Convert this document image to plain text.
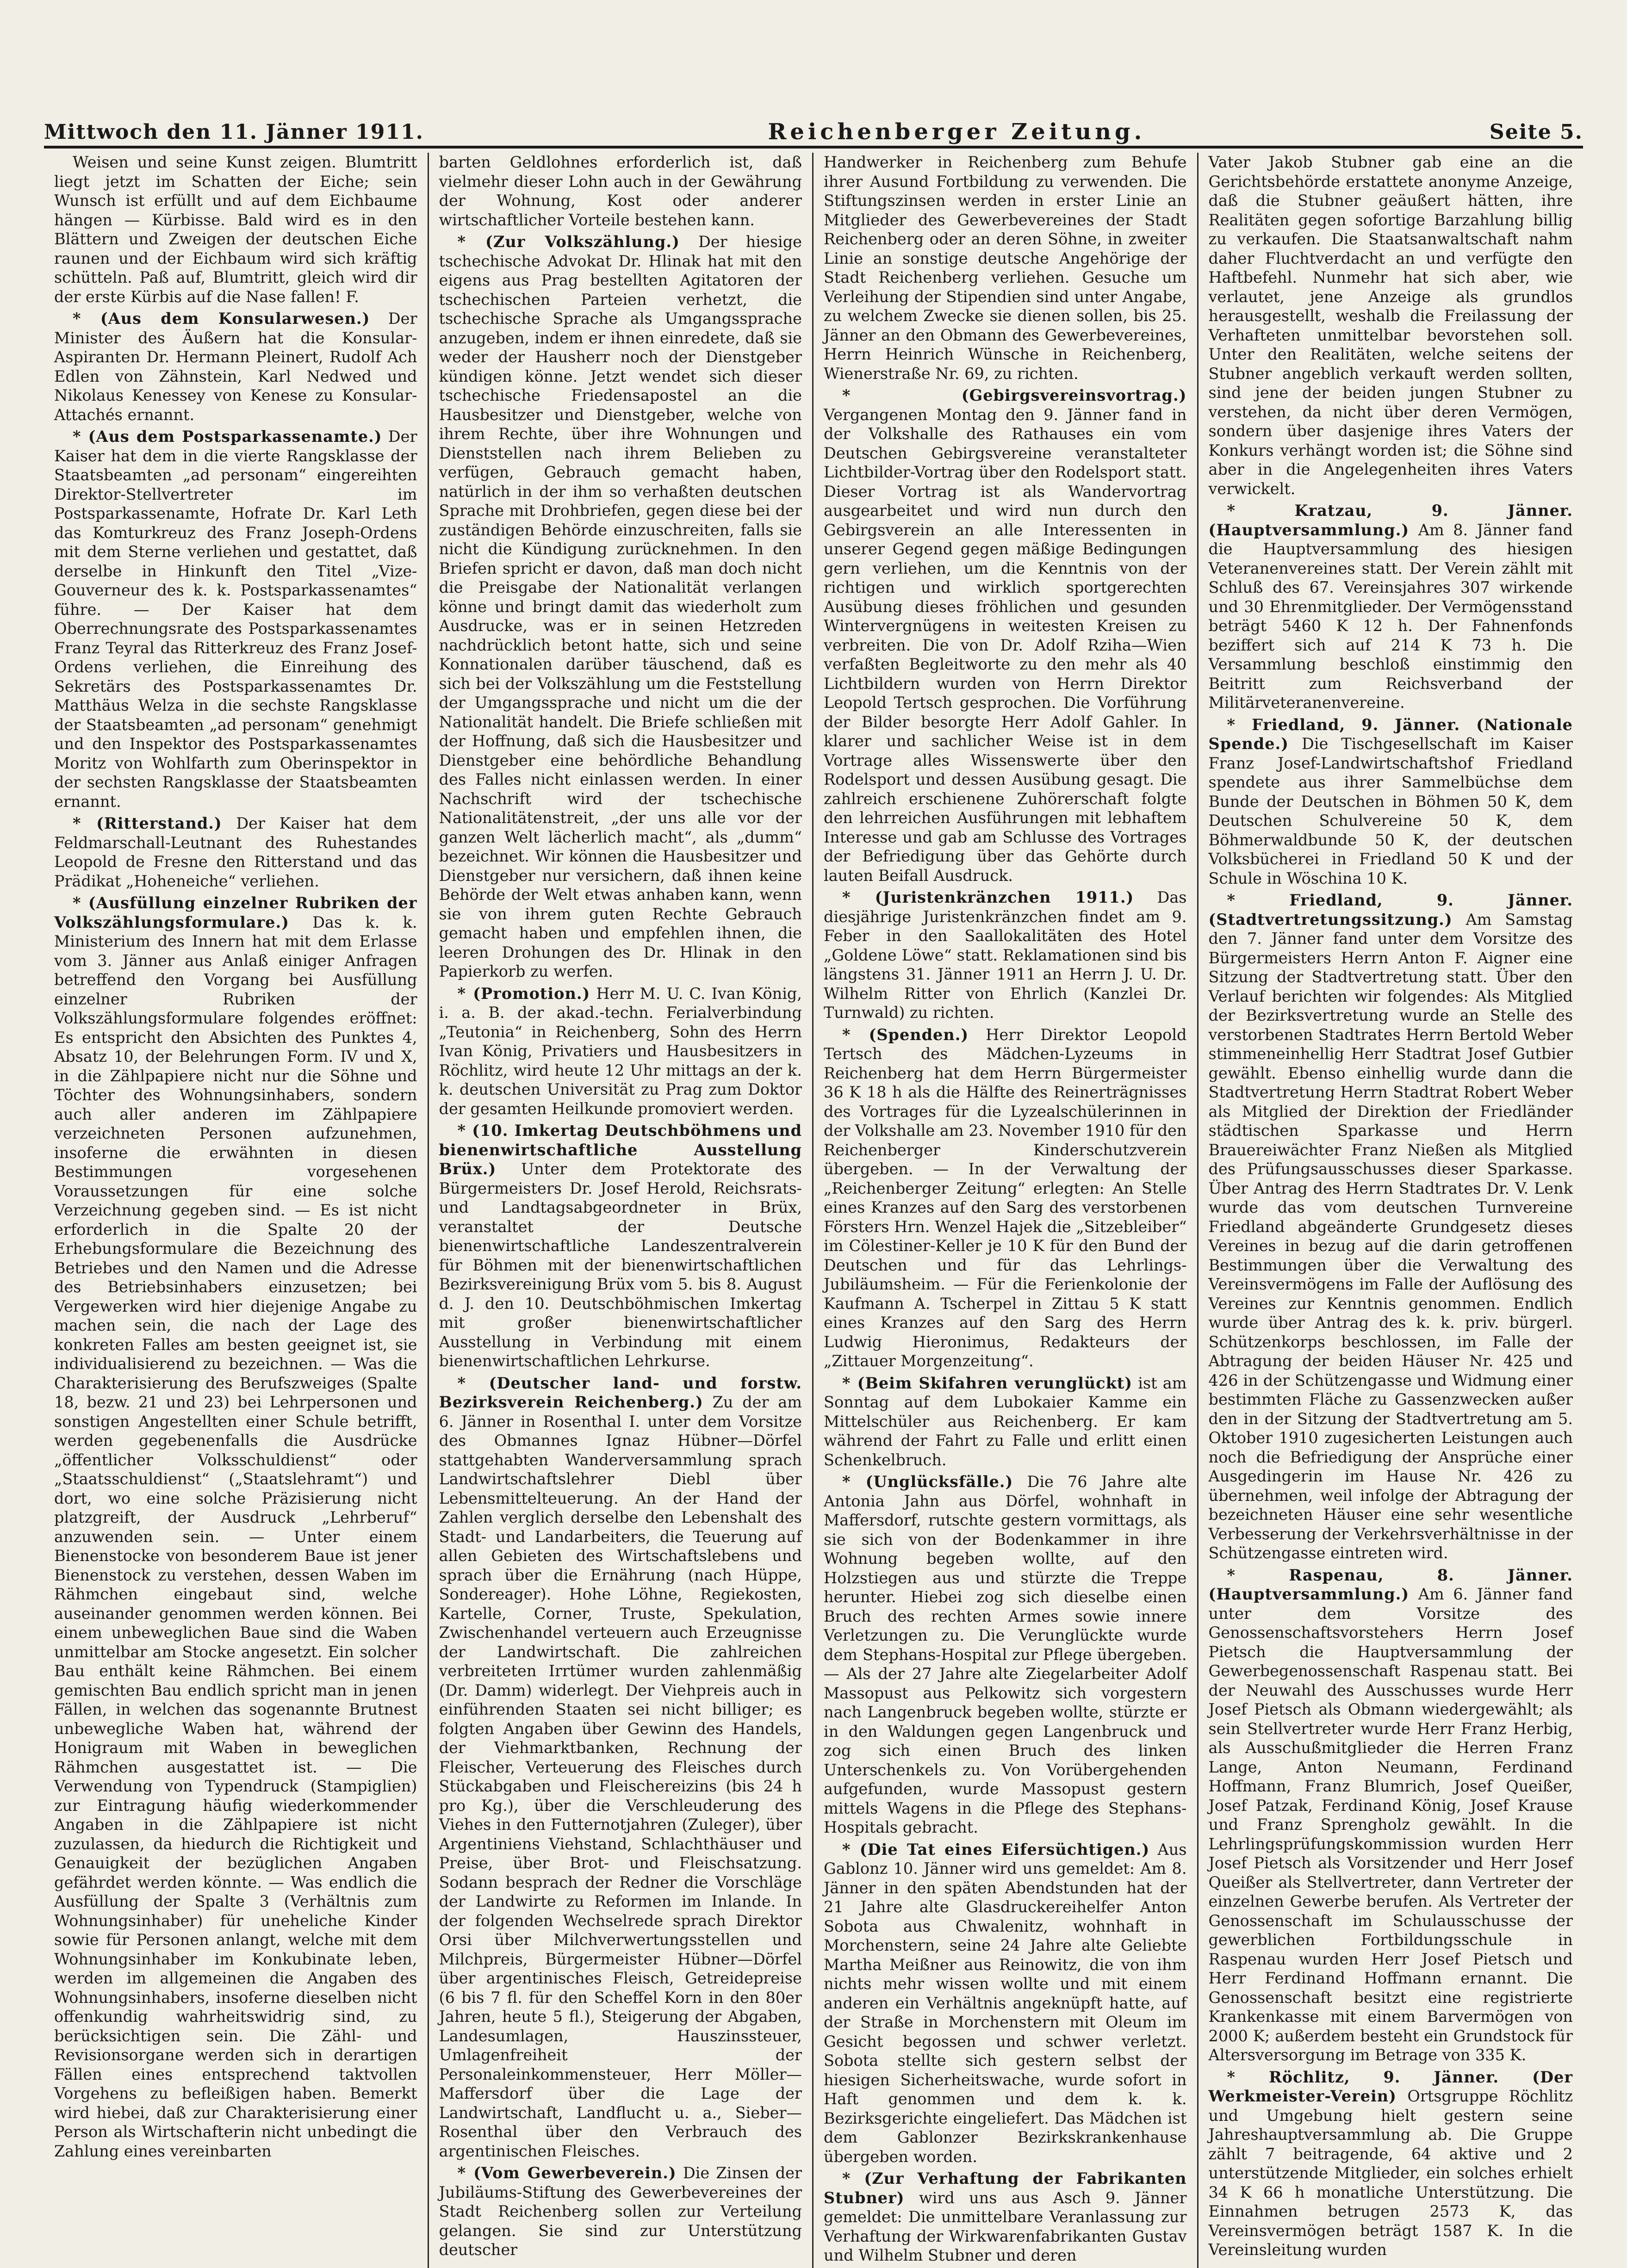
Mittwoch den 11. Jänner 1911.	Reichenberger Zeitung.	Seite 5.

Weisen und seine Kunst zeigen. Blumtritt liegt jetzt im Schatten der Eiche; sein Wunsch ist erfüllt und auf dem Eichbaume hängen — Kürbisse. Bald wird es in den Blättern und Zweigen der deutschen Eiche raunen und der Eichbaum wird sich kräftig schütteln. Paß auf, Blumtritt, gleich wird dir der erste Kürbis auf die Nase fallen! F.

* (Aus dem Konsularwesen.) Der Minister des Äußern hat die Konsular-Aspiranten Dr. Hermann Pleinert, Rudolf Ach Edlen von Zähnstein, Karl Nedwed und Nikolaus Kenessey von Kenese zu Konsular-Attachés ernannt.

* (Aus dem Postsparkassenamte.) Der Kaiser hat dem in die vierte Rangsklasse der Staatsbeamten „ad personam“ eingereihten Direktor-Stellvertreter im Postsparkassenamte, Hofrate Dr. Karl Leth das Komturkreuz des Franz Joseph-Ordens mit dem Sterne verliehen und gestattet, daß derselbe in Hinkunft den Titel „Vize-Gouverneur des k. k. Postsparkassenamtes“ führe. — Der Kaiser hat dem Oberrechnungsrate des Postsparkassenamtes Franz Teyral das Ritterkreuz des Franz Josef-Ordens verliehen, die Einreihung des Sekretärs des Postsparkassenamtes Dr. Matthäus Welza in die sechste Rangsklasse der Staatsbeamten „ad personam“ genehmigt und den Inspektor des Postsparkassenamtes Moritz von Wohlfarth zum Oberinspektor in der sechsten Rangsklasse der Staatsbeamten ernannt.

* (Ritterstand.) Der Kaiser hat dem Feldmarschall-Leutnant des Ruhestandes Leopold de Fresne den Ritterstand und das Prädikat „Hoheneiche“ verliehen.

* (Ausfüllung einzelner Rubriken der Volkszählungsformulare.) Das k. k. Ministerium des Innern hat mit dem Erlasse vom 3. Jänner aus Anlaß einiger Anfragen betreffend den Vorgang bei Ausfüllung einzelner Rubriken der Volkszählungsformulare folgendes eröffnet: Es entspricht den Absichten des Punktes 4, Absatz 10, der Belehrungen Form. IV und X, in die Zählpapiere nicht nur die Söhne und Töchter des Wohnungsinhabers, sondern auch aller anderen im Zählpapiere verzeichneten Personen aufzunehmen, insoferne die erwähnten in diesen Bestimmungen vorgesehenen Voraussetzungen für eine solche Verzeichnung gegeben sind. — Es ist nicht erforderlich in die Spalte 20 der Erhebungsformulare die Bezeichnung des Betriebes und den Namen und die Adresse des Betriebsinhabers einzusetzen; bei Vergewerken wird hier diejenige Angabe zu machen sein, die nach der Lage des konkreten Falles am besten geeignet ist, sie individualisierend zu bezeichnen. — Was die Charakterisierung des Berufszweiges (Spalte 18, bezw. 21 und 23) bei Lehrpersonen und sonstigen Angestellten einer Schule betrifft, werden gegebenenfalls die Ausdrücke „öffentlicher Volksschuldienst“ oder „Staatsschuldienst“ („Staatslehramt“) und dort, wo eine solche Präzisierung nicht platzgreift, der Ausdruck „Lehrberuf“ anzuwenden sein. — Unter einem Bienenstocke von besonderem Baue ist jener Bienenstock zu verstehen, dessen Waben im Rähmchen eingebaut sind, welche auseinander genommen werden können. Bei einem unbeweglichen Baue sind die Waben unmittelbar am Stocke angesetzt. Ein solcher Bau enthält keine Rähmchen. Bei einem gemischten Bau endlich spricht man in jenen Fällen, in welchen das sogenannte Brutnest unbewegliche Waben hat, während der Honigraum mit Waben in beweglichen Rähmchen ausgestattet ist. — Die Verwendung von Typendruck (Stampiglien) zur Eintragung häufig wiederkommender Angaben in die Zählpapiere ist nicht zuzulassen, da hiedurch die Richtigkeit und Genauigkeit der bezüglichen Angaben gefährdet werden könnte. — Was endlich die Ausfüllung der Spalte 3 (Verhältnis zum Wohnungsinhaber) für uneheliche Kinder sowie für Personen anlangt, welche mit dem Wohnungsinhaber im Konkubinate leben, werden im allgemeinen die Angaben des Wohnungsinhabers, insoferne dieselben nicht offenkundig wahrheitswidrig sind, zu berücksichtigen sein. Die Zähl- und Revisionsorgane werden sich in derartigen Fällen eines entsprechend taktvollen Vorgehens zu befleißigen haben. Bemerkt wird hiebei, daß zur Charakterisierung einer Person als Wirtschafterin nicht unbedingt die Zahlung eines vereinbarten

barten Geldlohnes erforderlich ist, daß vielmehr dieser Lohn auch in der Gewährung der Wohnung, Kost oder anderer wirtschaftlicher Vorteile bestehen kann.

* (Zur Volkszählung.) Der hiesige tschechische Advokat Dr. Hlinak hat mit den eigens aus Prag bestellten Agitatoren der tschechischen Parteien verhetzt, die tschechische Sprache als Umgangssprache anzugeben, indem er ihnen einredete, daß sie weder der Hausherr noch der Dienstgeber kündigen könne. Jetzt wendet sich dieser tschechische Friedensapostel an die Hausbesitzer und Dienstgeber, welche von ihrem Rechte, über ihre Wohnungen und Dienststellen nach ihrem Belieben zu verfügen, Gebrauch gemacht haben, natürlich in der ihm so verhaßten deutschen Sprache mit Drohbriefen, gegen diese bei der zuständigen Behörde einzuschreiten, falls sie nicht die Kündigung zurücknehmen. In den Briefen spricht er davon, daß man doch nicht die Preisgabe der Nationalität verlangen könne und bringt damit das wiederholt zum Ausdrucke, was er in seinen Hetzreden nachdrücklich betont hatte, sich und seine Konnationalen darüber täuschend, daß es sich bei der Volkszählung um die Feststellung der Umgangssprache und nicht um die der Nationalität handelt. Die Briefe schließen mit der Hoffnung, daß sich die Hausbesitzer und Dienstgeber eine behördliche Behandlung des Falles nicht einlassen werden. In einer Nachschrift wird der tschechische Nationalitätenstreit, „der uns alle vor der ganzen Welt lächerlich macht“, als „dumm“ bezeichnet. Wir können die Hausbesitzer und Dienstgeber nur versichern, daß ihnen keine Behörde der Welt etwas anhaben kann, wenn sie von ihrem guten Rechte Gebrauch gemacht haben und empfehlen ihnen, die leeren Drohungen des Dr. Hlinak in den Papierkorb zu werfen.

* (Promotion.) Herr M. U. C. Ivan König, i. a. B. der akad.-techn. Ferialverbindung „Teutonia“ in Reichenberg, Sohn des Herrn Ivan König, Privatiers und Hausbesitzers in Röchlitz, wird heute 12 Uhr mittags an der k. k. deutschen Universität zu Prag zum Doktor der gesamten Heilkunde promoviert werden.

* (10. Imkertag Deutschböhmens und bienenwirtschaftliche Ausstellung Brüx.) Unter dem Protektorate des Bürgermeisters Dr. Josef Herold, Reichsrats- und Landtagsabgeordneter in Brüx, veranstaltet der Deutsche bienenwirtschaftliche Landeszentralverein für Böhmen mit der bienenwirtschaftlichen Bezirksvereinigung Brüx vom 5. bis 8. August d. J. den 10. Deutschböhmischen Imkertag mit großer bienenwirtschaftlicher Ausstellung in Verbindung mit einem bienenwirtschaftlichen Lehrkurse.

* (Deutscher land- und forstw. Bezirksverein Reichenberg.) Zu der am 6. Jänner in Rosenthal I. unter dem Vorsitze des Obmannes Ignaz Hübner—Dörfel stattgehabten Wanderversammlung sprach Landwirtschaftslehrer Diebl über Lebensmittelteuerung. An der Hand der Zahlen verglich derselbe den Lebenshalt des Stadt- und Landarbeiters, die Teuerung auf allen Gebieten des Wirtschaftslebens und sprach über die Ernährung (nach Hüppe, Sondereager). Hohe Löhne, Regiekosten, Kartelle, Corner, Truste, Spekulation, Zwischenhandel verteuern auch Erzeugnisse der Landwirtschaft. Die zahlreichen verbreiteten Irrtümer wurden zahlenmäßig (Dr. Damm) widerlegt. Der Viehpreis auch in einführenden Staaten sei nicht billiger; es folgten Angaben über Gewinn des Handels, der Viehmarktbanken, Rechnung der Fleischer, Verteuerung des Fleisches durch Stückabgaben und Fleischereizins (bis 24 h pro Kg.), über die Verschleuderung des Viehes in den Futternotjahren (Zuleger), über Argentiniens Viehstand, Schlachthäuser und Preise, über Brot- und Fleischsatzung. Sodann besprach der Redner die Vorschläge der Landwirte zu Reformen im Inlande. In der folgenden Wechselrede sprach Direktor Orsi über Milchverwertungsstellen und Milchpreis, Bürgermeister Hübner—Dörfel über argentinisches Fleisch, Getreidepreise (6 bis 7 fl. für den Scheffel Korn in den 80er Jahren, heute 5 fl.), Steigerung der Abgaben, Landesumlagen, Hauszinssteuer, Umlagenfreiheit der Personaleinkommensteuer, Herr Möller—Maffersdorf über die Lage der Landwirtschaft, Landflucht u. a., Sieber—Rosenthal über den Verbrauch des argentinischen Fleisches.

* (Vom Gewerbeverein.) Die Zinsen der Jubiläums-Stiftung des Gewerbevereines der Stadt Reichenberg sollen zur Verteilung gelangen. Sie sind zur Unterstützung deutscher

Handwerker in Reichenberg zum Behufe ihrer Ausund Fortbildung zu verwenden. Die Stiftungszinsen werden in erster Linie an Mitglieder des Gewerbevereines der Stadt Reichenberg oder an deren Söhne, in zweiter Linie an sonstige deutsche Angehörige der Stadt Reichenberg verliehen. Gesuche um Verleihung der Stipendien sind unter Angabe, zu welchem Zwecke sie dienen sollen, bis 25. Jänner an den Obmann des Gewerbevereines, Herrn Heinrich Wünsche in Reichenberg, Wienerstraße Nr. 69, zu richten.

* (Gebirgsvereinsvortrag.) Vergangenen Montag den 9. Jänner fand in der Volkshalle des Rathauses ein vom Deutschen Gebirgsvereine veranstalteter Lichtbilder-Vortrag über den Rodelsport statt. Dieser Vortrag ist als Wandervortrag ausgearbeitet und wird nun durch den Gebirgsverein an alle Interessenten in unserer Gegend gegen mäßige Bedingungen gern verliehen, um die Kenntnis von der richtigen und wirklich sportgerechten Ausübung dieses fröhlichen und gesunden Wintervergnügens in weitesten Kreisen zu verbreiten. Die von Dr. Adolf Rziha—Wien verfaßten Begleitworte zu den mehr als 40 Lichtbildern wurden von Herrn Direktor Leopold Tertsch gesprochen. Die Vorführung der Bilder besorgte Herr Adolf Gahler. In klarer und sachlicher Weise ist in dem Vortrage alles Wissenswerte über den Rodelsport und dessen Ausübung gesagt. Die zahlreich erschienene Zuhörerschaft folgte den lehrreichen Ausführungen mit lebhaftem Interesse und gab am Schlusse des Vortrages der Befriedigung über das Gehörte durch lauten Beifall Ausdruck.

* (Juristenkränzchen 1911.) Das diesjährige Juristenkränzchen findet am 9. Feber in den Saallokalitäten des Hotel „Goldene Löwe“ statt. Reklamationen sind bis längstens 31. Jänner 1911 an Herrn J. U. Dr. Wilhelm Ritter von Ehrlich (Kanzlei Dr. Turnwald) zu richten.

* (Spenden.) Herr Direktor Leopold Tertsch des Mädchen-Lyzeums in Reichenberg hat dem Herrn Bürgermeister 36 K 18 h als die Hälfte des Reinerträgnisses des Vortrages für die Lyzealschülerinnen in der Volkshalle am 23. November 1910 für den Reichenberger Kinderschutzverein übergeben. — In der Verwaltung der „Reichenberger Zeitung“ erlegten: An Stelle eines Kranzes auf den Sarg des verstorbenen Försters Hrn. Wenzel Hajek die „Sitzebleiber“ im Cölestiner-Keller je 10 K für den Bund der Deutschen und für das Lehrlings-Jubiläumsheim. — Für die Ferienkolonie der Kaufmann A. Tscherpel in Zittau 5 K statt eines Kranzes auf den Sarg des Herrn Ludwig Hieronimus, Redakteurs der „Zittauer Morgenzeitung“.

* (Beim Skifahren verunglückt) ist am Sonntag auf dem Lubokaier Kamme ein Mittelschüler aus Reichenberg. Er kam während der Fahrt zu Falle und erlitt einen Schenkelbruch.

* (Unglücksfälle.) Die 76 Jahre alte Antonia Jahn aus Dörfel, wohnhaft in Maffersdorf, rutschte gestern vormittags, als sie sich von der Bodenkammer in ihre Wohnung begeben wollte, auf den Holzstiegen aus und stürzte die Treppe herunter. Hiebei zog sich dieselbe einen Bruch des rechten Armes sowie innere Verletzungen zu. Die Verunglückte wurde dem Stephans-Hospital zur Pflege übergeben. — Als der 27 Jahre alte Ziegelarbeiter Adolf Massopust aus Pelkowitz sich vorgestern nach Langenbruck begeben wollte, stürzte er in den Waldungen gegen Langenbruck und zog sich einen Bruch des linken Unterschenkels zu. Von Vorübergehenden aufgefunden, wurde Massopust gestern mittels Wagens in die Pflege des Stephans-Hospitals gebracht.

* (Die Tat eines Eifersüchtigen.) Aus Gablonz 10. Jänner wird uns gemeldet: Am 8. Jänner in den späten Abendstunden hat der 21 Jahre alte Glasdruckereihelfer Anton Sobota aus Chwalenitz, wohnhaft in Morchenstern, seine 24 Jahre alte Geliebte Martha Meißner aus Reinowitz, die von ihm nichts mehr wissen wollte und mit einem anderen ein Verhältnis angeknüpft hatte, auf der Straße in Morchenstern mit Oleum im Gesicht begossen und schwer verletzt. Sobota stellte sich gestern selbst der hiesigen Sicherheitswache, wurde sofort in Haft genommen und dem k. k. Bezirksgerichte eingeliefert. Das Mädchen ist dem Gablonzer Bezirkskrankenhause übergeben worden.

* (Zur Verhaftung der Fabrikanten Stubner) wird uns aus Asch 9. Jänner gemeldet: Die unmittelbare Veranlassung zur Verhaftung der Wirkwarenfabrikanten Gustav und Wilhelm Stubner und deren

Vater Jakob Stubner gab eine an die Gerichtsbehörde erstattete anonyme Anzeige, daß die Stubner geäußert hätten, ihre Realitäten gegen sofortige Barzahlung billig zu verkaufen. Die Staatsanwaltschaft nahm daher Fluchtverdacht an und verfügte den Haftbefehl. Nunmehr hat sich aber, wie verlautet, jene Anzeige als grundlos herausgestellt, weshalb die Freilassung der Verhafteten unmittelbar bevorstehen soll. Unter den Realitäten, welche seitens der Stubner angeblich verkauft werden sollten, sind jene der beiden jungen Stubner zu verstehen, da nicht über deren Vermögen, sondern über dasjenige ihres Vaters der Konkurs verhängt worden ist; die Söhne sind aber in die Angelegenheiten ihres Vaters verwickelt.

* Kratzau, 9. Jänner. (Hauptversammlung.) Am 8. Jänner fand die Hauptversammlung des hiesigen Veteranenvereines statt. Der Verein zählt mit Schluß des 67. Vereinsjahres 307 wirkende und 30 Ehrenmitglieder. Der Vermögensstand beträgt 5460 K 12 h. Der Fahnenfonds beziffert sich auf 214 K 73 h. Die Versammlung beschloß einstimmig den Beitritt zum Reichsverband der Militärveteranenvereine.

* Friedland, 9. Jänner. (Nationale Spende.) Die Tischgesellschaft im Kaiser Franz Josef-Landwirtschaftshof Friedland spendete aus ihrer Sammelbüchse dem Bunde der Deutschen in Böhmen 50 K, dem Deutschen Schulvereine 50 K, dem Böhmerwaldbunde 50 K, der deutschen Volksbücherei in Friedland 50 K und der Schule in Wöschina 10 K.

* Friedland, 9. Jänner. (Stadtvertretungssitzung.) Am Samstag den 7. Jänner fand unter dem Vorsitze des Bürgermeisters Herrn Anton F. Aigner eine Sitzung der Stadtvertretung statt. Über den Verlauf berichten wir folgendes: Als Mitglied der Bezirksvertretung wurde an Stelle des verstorbenen Stadtrates Herrn Bertold Weber stimmeneinhellig Herr Stadtrat Josef Gutbier gewählt. Ebenso einhellig wurde dann die Stadtvertretung Herrn Stadtrat Robert Weber als Mitglied der Direktion der Friedländer städtischen Sparkasse und Herrn Brauereiwächter Franz Nießen als Mitglied des Prüfungsausschusses dieser Sparkasse. Über Antrag des Herrn Stadtrates Dr. V. Lenk wurde das vom deutschen Turnvereine Friedland abgeänderte Grundgesetz dieses Vereines in bezug auf die darin getroffenen Bestimmungen über die Verwaltung des Vereinsvermögens im Falle der Auflösung des Vereines zur Kenntnis genommen. Endlich wurde über Antrag des k. k. priv. bürgerl. Schützenkorps beschlossen, im Falle der Abtragung der beiden Häuser Nr. 425 und 426 in der Schützengasse und Widmung einer bestimmten Fläche zu Gassenzwecken außer den in der Sitzung der Stadtvertretung am 5. Oktober 1910 zugesicherten Leistungen auch noch die Befriedigung der Ansprüche einer Ausgedingerin im Hause Nr. 426 zu übernehmen, weil infolge der Abtragung der bezeichneten Häuser eine sehr wesentliche Verbesserung der Verkehrsverhältnisse in der Schützengasse eintreten wird.

* Raspenau, 8. Jänner. (Hauptversammlung.) Am 6. Jänner fand unter dem Vorsitze des Genossenschaftsvorstehers Herrn Josef Pietsch die Hauptversammlung der Gewerbegenossenschaft Raspenau statt. Bei der Neuwahl des Ausschusses wurde Herr Josef Pietsch als Obmann wiedergewählt; als sein Stellvertreter wurde Herr Franz Herbig, als Ausschußmitglieder die Herren Franz Lange, Anton Neumann, Ferdinand Hoffmann, Franz Blumrich, Josef Queißer, Josef Patzak, Ferdinand König, Josef Krause und Franz Sprengholz gewählt. In die Lehrlingsprüfungskommission wurden Herr Josef Pietsch als Vorsitzender und Herr Josef Queißer als Stellvertreter, dann Vertreter der einzelnen Gewerbe berufen. Als Vertreter der Genossenschaft im Schulausschusse der gewerblichen Fortbildungsschule in Raspenau wurden Herr Josef Pietsch und Herr Ferdinand Hoffmann ernannt. Die Genossenschaft besitzt eine registrierte Krankenkasse mit einem Barvermögen von 2000 K; außerdem besteht ein Grundstock für Altersversorgung im Betrage von 335 K.

* Röchlitz, 9. Jänner. (Der Werkmeister-Verein) Ortsgruppe Röchlitz und Umgebung hielt gestern seine Jahreshauptversammlung ab. Die Gruppe zählt 7 beitragende, 64 aktive und 2 unterstützende Mitglieder, ein solches erhielt 34 K 66 h monatliche Unterstützung. Die Einnahmen betrugen 2573 K, das Vereinsvermögen beträgt 1587 K. In die Vereinsleitung wurden
